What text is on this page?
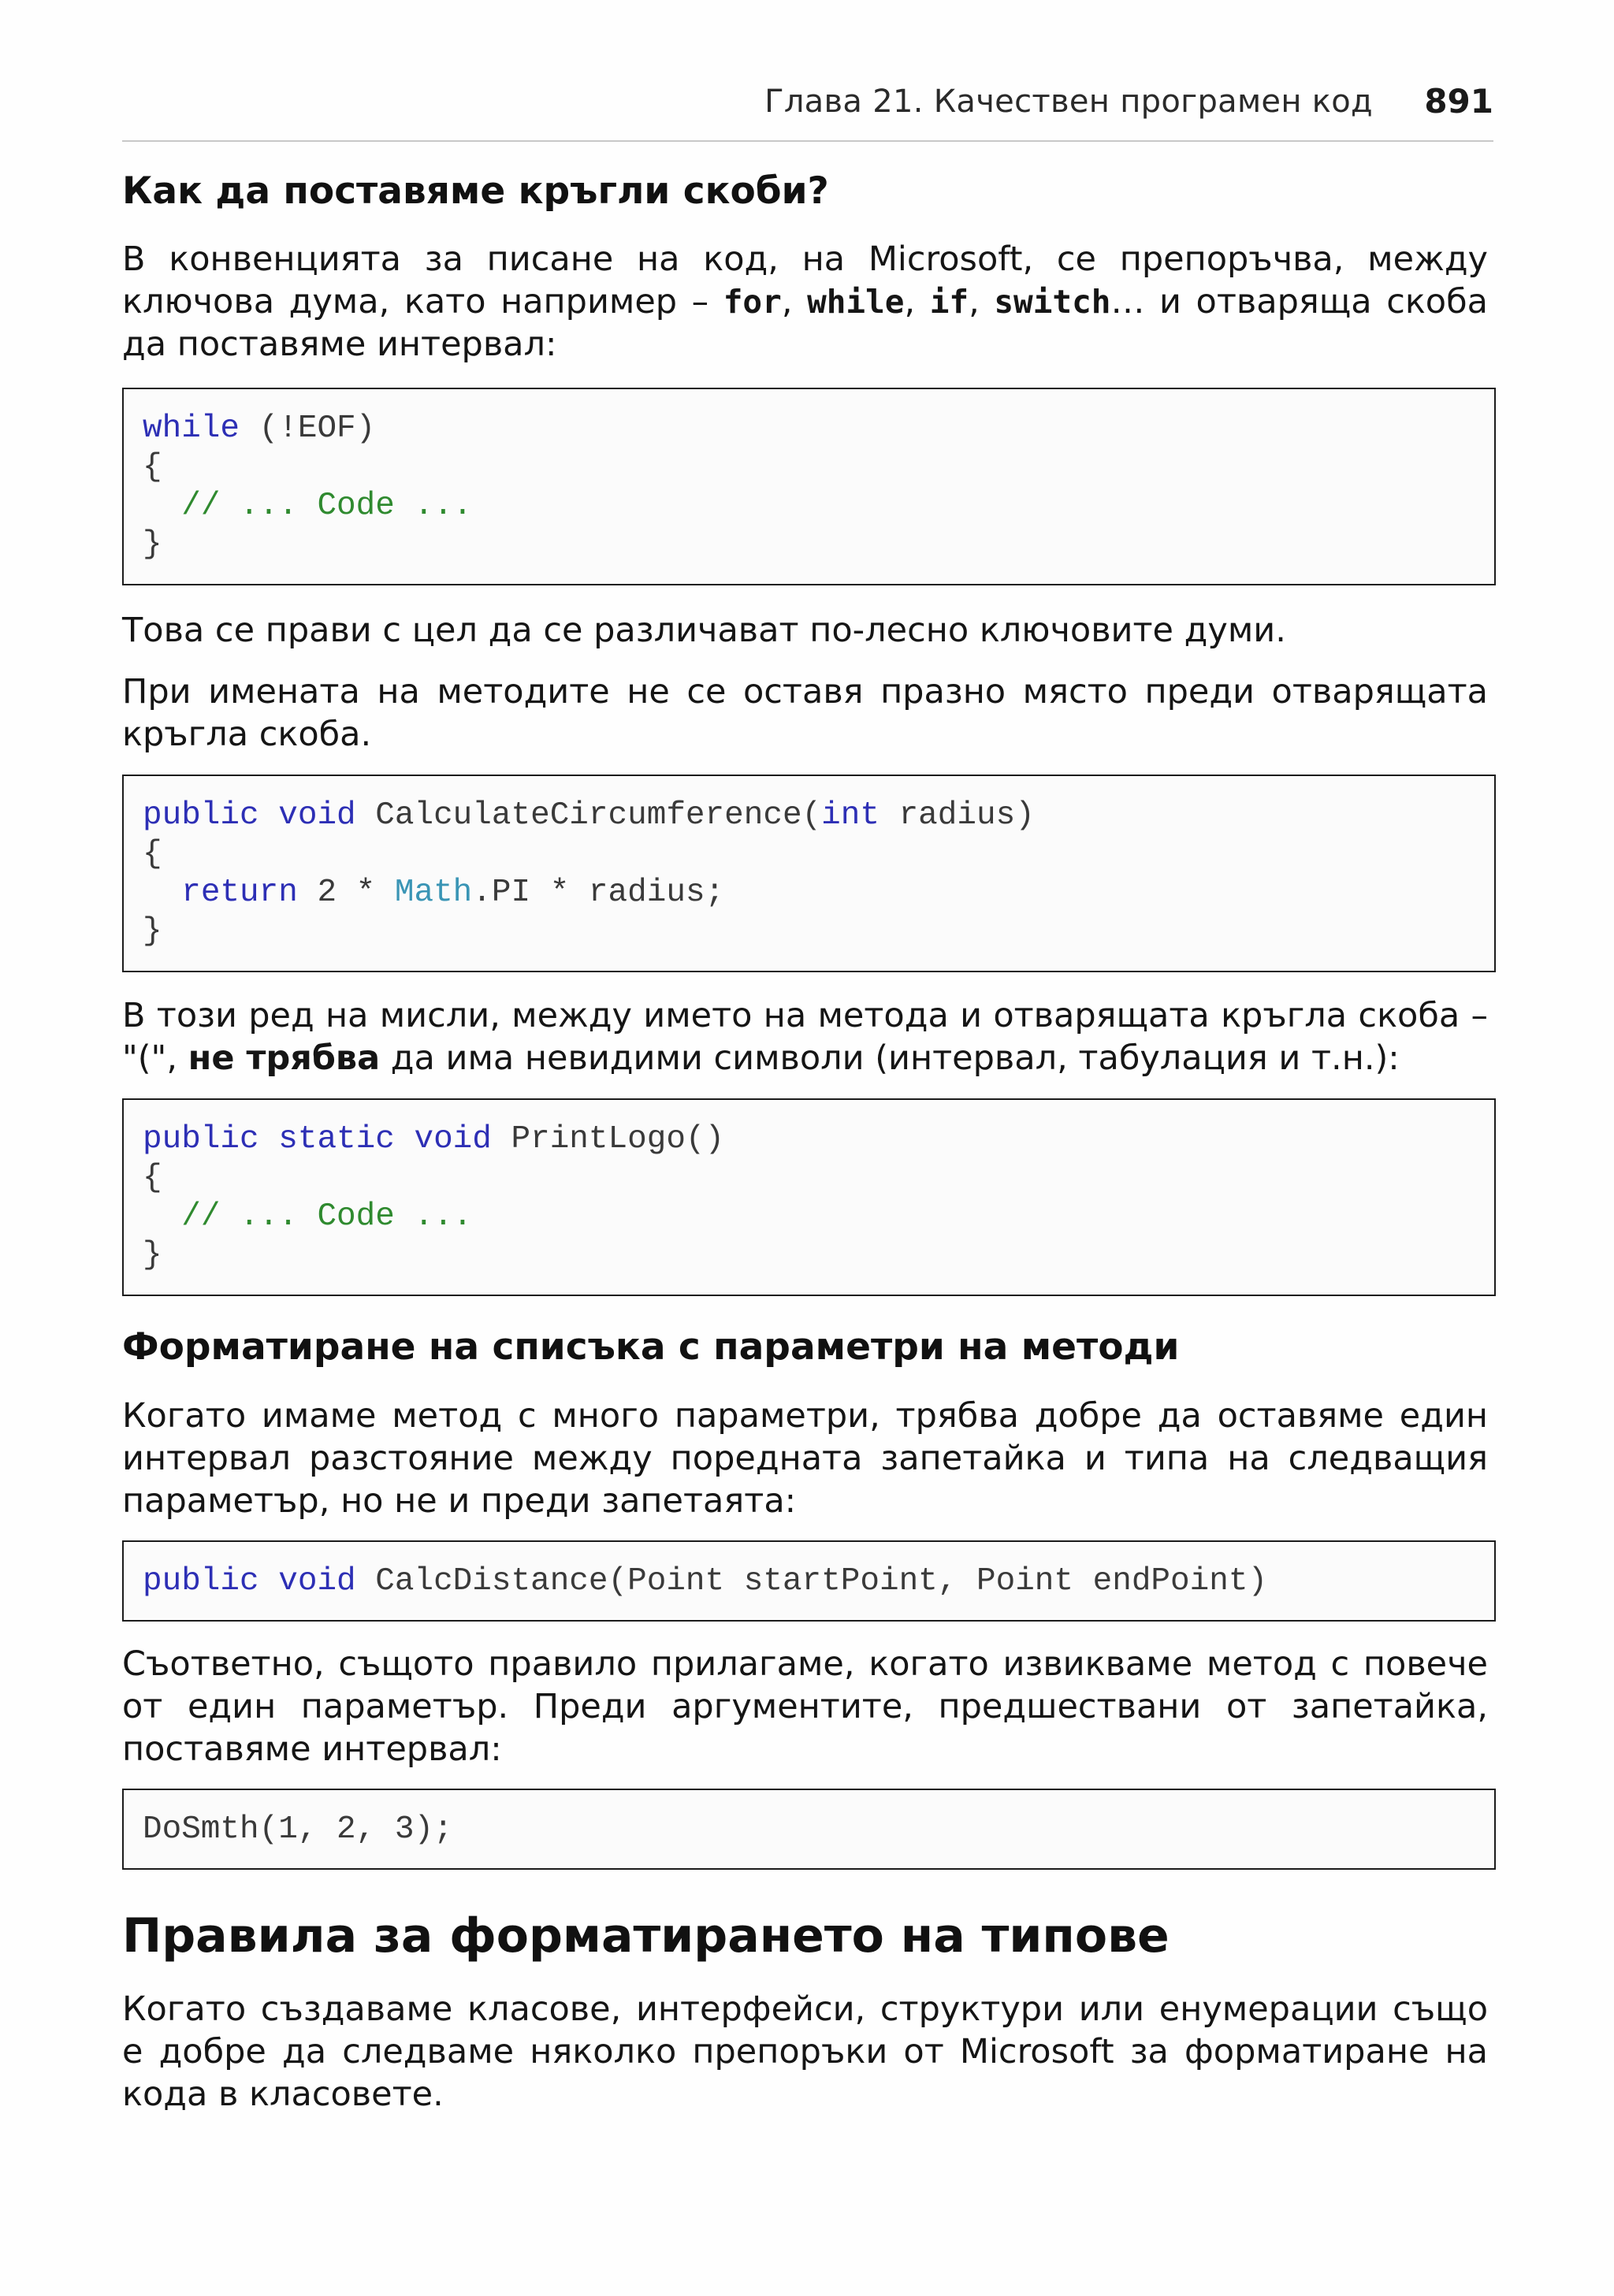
Глава 21. Качествен програмен код 891
Как да поставяме кръгли скоби?

В конвенцията за писане на код, на Microsoft, се препоръчва, между ключова дума, като например – for, while, if, switch… и отваряща скоба да поставяме интервал:

while (!EOF)
{
// ... Code ...
}

Това се прави с цел да се различават по-лесно ключовите думи.

При имената на методите не се оставя празно място преди отварящата кръгла скоба.

public void CalculateCircumference(int radius)
{
return 2 * Math.PI * radius;
}

В този ред на мисли, между името на метода и отварящата кръгла скоба – "(", не трябва да има невидими символи (интервал, табулация и т.н.):

public static void PrintLogo()
{
// ... Code ...
}
Форматиране на списъка с параметри на методи

Когато имаме метод с много параметри, трябва добре да оставяме един интервал разстояние между поредната запетайка и типа на следващия параметър, но не и преди запетаята:

public void CalcDistance(Point startPoint, Point endPoint)

Съответно, същото правило прилагаме, когато извикваме метод с повече от един параметър. Преди аргументите, предшествани от запетайка, поставяме интервал:

DoSmth(1, 2, 3);
Правила за форматирането на типове

Когато създаваме класове, интерфейси, структури или енумерации също е добре да следваме няколко препоръки от Microsoft за форматиране на кода в класовете.
